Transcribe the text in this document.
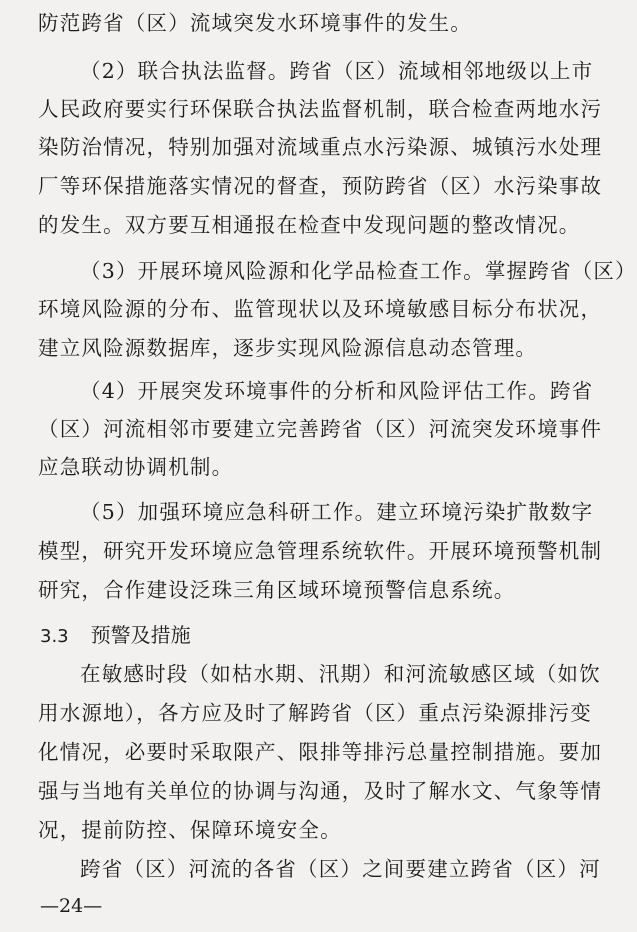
防范跨省（区）流域突发水环境事件的发生。
（2）联合执法监督。跨省（区）流域相邻地级以上市
人民政府要实行环保联合执法监督机制，联合检查两地水污
染防治情况，特别加强对流域重点水污染源、城镇污水处理
厂等环保措施落实情况的督查，预防跨省（区）水污染事故
的发生。双方要互相通报在检查中发现问题的整改情况。
（3）开展环境风险源和化学品检查工作。掌握跨省（区）
环境风险源的分布、监管现状以及环境敏感目标分布状况，
建立风险源数据库，逐步实现风险源信息动态管理。
（4）开展突发环境事件的分析和风险评估工作。跨省
（区）河流相邻市要建立完善跨省（区）河流突发环境事件
应急联动协调机制。
（5）加强环境应急科研工作。建立环境污染扩散数字
模型，研究开发环境应急管理系统软件。开展环境预警机制
研究，合作建设泛珠三角区域环境预警信息系统。
3.3 预警及措施
在敏感时段（如枯水期、汛期）和河流敏感区域（如饮
用水源地），各方应及时了解跨省（区）重点污染源排污变
化情况，必要时采取限产、限排等排污总量控制措施。要加
强与当地有关单位的协调与沟通，及时了解水文、气象等情
况，提前防控、保障环境安全。
跨省（区）河流的各省（区）之间要建立跨省（区）河
—24—
